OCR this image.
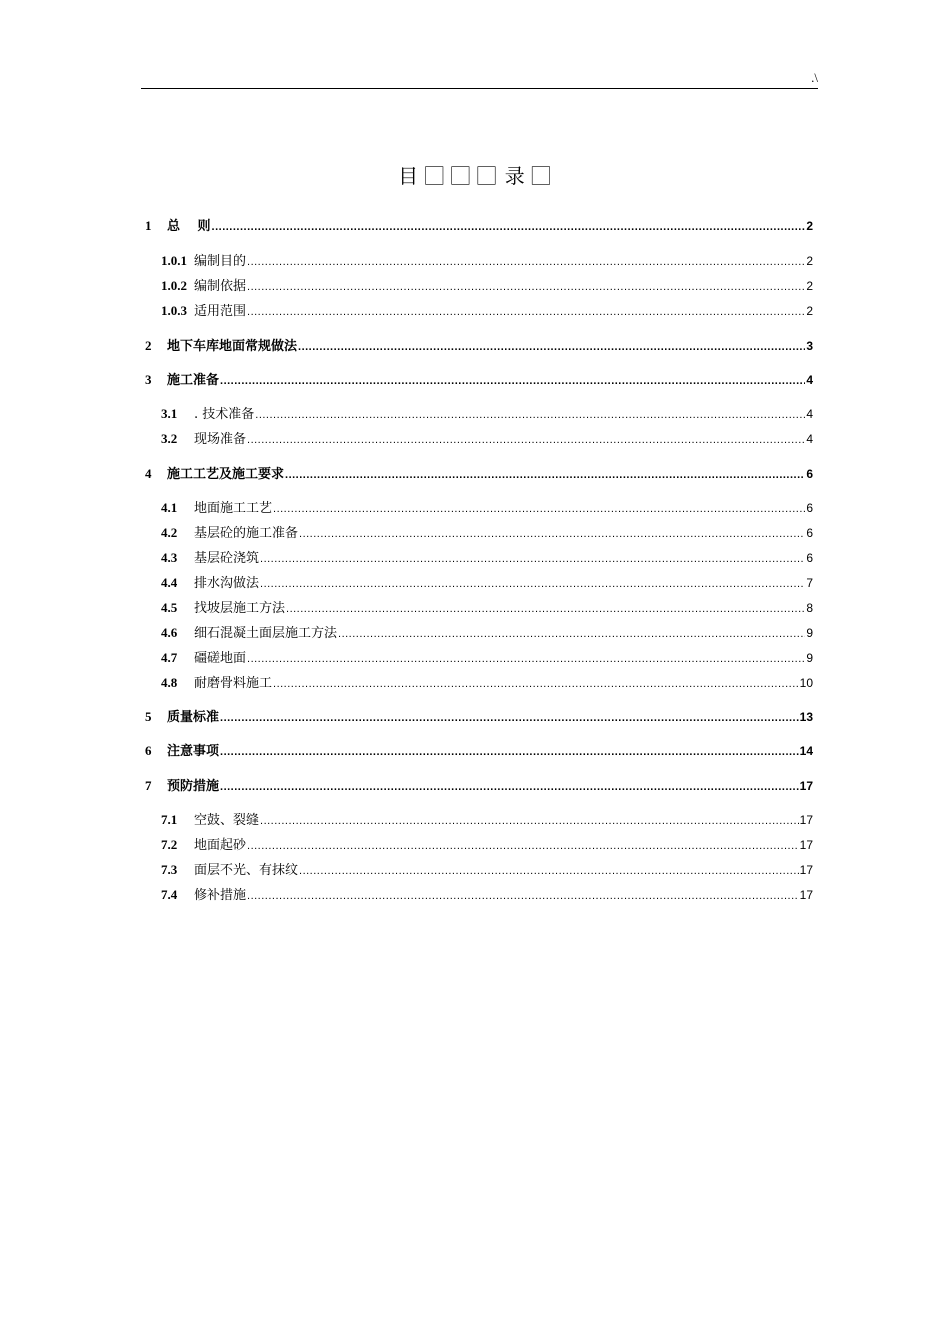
.\
目 ⃞ ⃞ ⃞ 录 ⃞
1	总　 则 .....	2
1.0.1 编制目的 .....	2
1.0.2 编制依据 .....	2
1.0.3 适用范围 .....	2
2	地下车库地面常规做法 .....	3
3	施工准备 .....	4
3.1	. 技术准备 .....	4
3.2	现场准备 .....	4
4	施工工艺及施工要求 .....	6
4.1	地面施工工艺 .....	6
4.2	基层砼的施工准备 .....	6
4.3	基层砼浇筑 .....	6
4.4	排水沟做法 .....	7
4.5	找坡层施工方法 .....	8
4.6	细石混凝土面层施工方法 .....	9
4.7	礓磋地面 .....	9
4.8	耐磨骨料施工 .....	10
5	质量标准 .....	13
6	注意事项 .....	14
7	预防措施 .....	17
7.1	空鼓、裂缝 .....	17
7.2	地面起砂 .....	17
7.3	面层不光、有抹纹 .....	17
7.4	修补措施 .....	17
